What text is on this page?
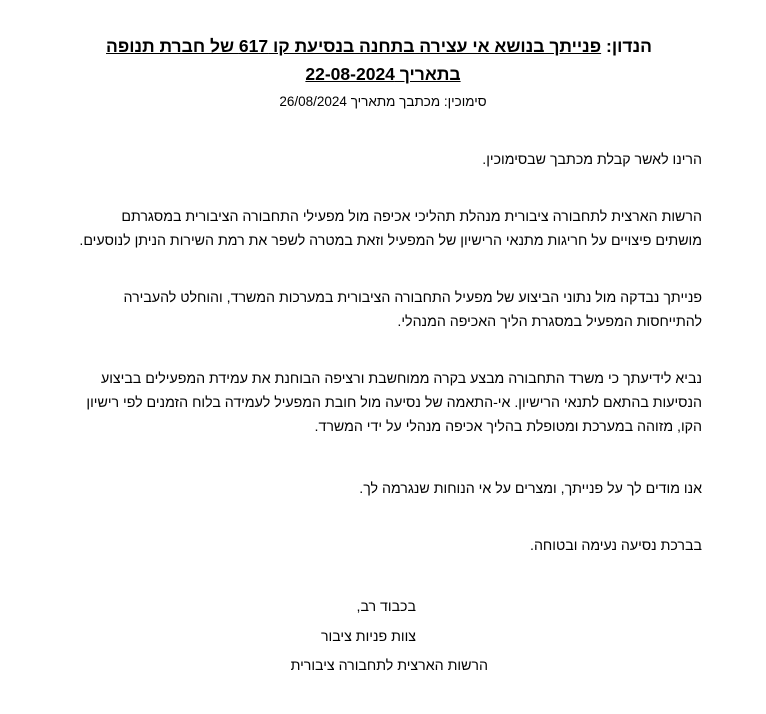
הנדון: פנייתך בנושא אי עצירה בתחנה בנסיעת קו 617 של חברת תנופה
בתאריך 22-08-2024
סימוכין: מכתבך מתאריך 26/08/2024
הרינו לאשר קבלת מכתבך שבסימוכין.
הרשות הארצית לתחבורה ציבורית מנהלת תהליכי אכיפה מול מפעילי התחבורה הציבורית במסגרתם
מושתים פיצויים על חריגות מתנאי הרישיון של המפעיל וזאת במטרה לשפר את רמת השירות הניתן לנוסעים.
פנייתך נבדקה מול נתוני הביצוע של מפעיל התחבורה הציבורית במערכות המשרד, והוחלט להעבירה
להתייחסות המפעיל במסגרת הליך האכיפה המנהלי.
נביא לידיעתך כי משרד התחבורה מבצע בקרה ממוחשבת ורציפה הבוחנת את עמידת המפעילים בביצוע
הנסיעות בהתאם לתנאי הרישיון. אי-התאמה של נסיעה מול חובת המפעיל לעמידה בלוח הזמנים לפי רישיון
הקו, מזוהה במערכת ומטופלת בהליך אכיפה מנהלי על ידי המשרד.
אנו מודים לך על פנייתך, ומצרים על אי הנוחות שנגרמה לך.
בברכת נסיעה נעימה ובטוחה.
בכבוד רב,
צוות פניות ציבור
הרשות הארצית לתחבורה ציבורית
